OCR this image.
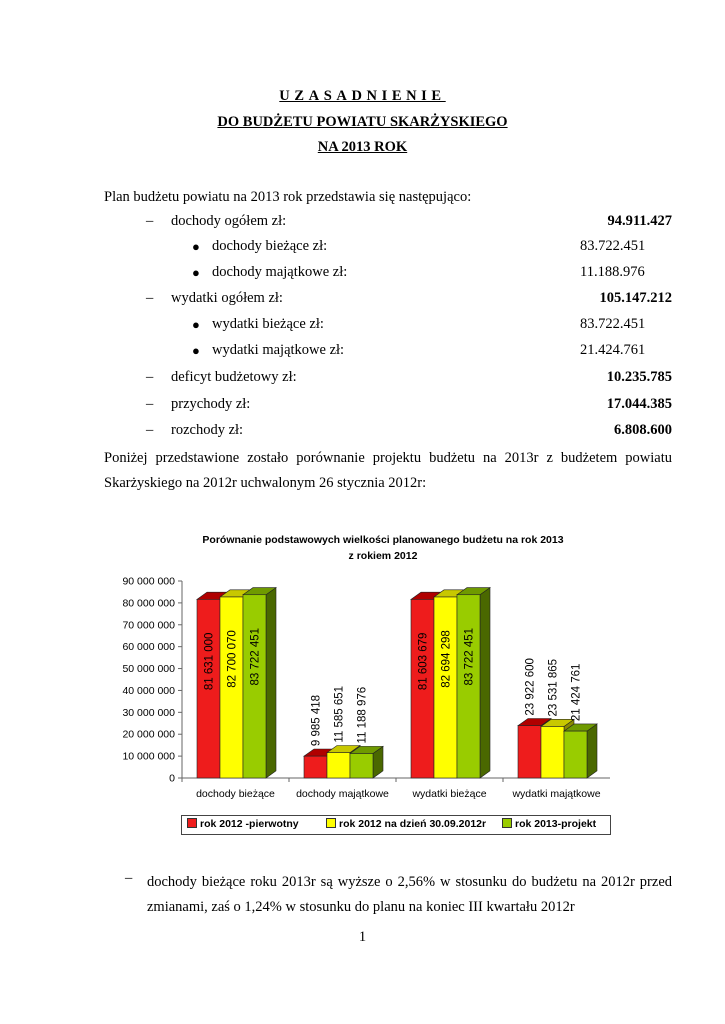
UZASADNIENIE
DO BUDŻETU POWIATU SKARŻYSKIEGO
NA 2013 ROK
Plan budżetu powiatu na 2013 rok przedstawia się następująco:
– dochody ogółem zł:	94.911.427
● dochody bieżące zł:	83.722.451
● dochody majątkowe zł:	11.188.976
– wydatki ogółem zł:	105.147.212
● wydatki bieżące zł:	83.722.451
● wydatki majątkowe zł:	21.424.761
– deficyt budżetowy zł:	10.235.785
– przychody zł:	17.044.385
– rozchody zł:	6.808.600
Poniżej przedstawione zostało porównanie projektu budżetu na 2013r z budżetem powiatu
Skarżyskiego na 2012r uchwalonym 26 stycznia 2012r:
Porównanie podstawowych wielkości planowanego budżetu na rok 2013
z rokiem 2012
0
10 000 000
20 000 000
30 000 000
40 000 000
50 000 000
60 000 000
70 000 000
80 000 000
90 000 000
dochody bieżące
81 631 000 82 700 070 83 722 451
dochody majątkowe
9 985 418 11 585 651 11 188 976
wydatki bieżące
81 603 679 82 694 298 83 722 451
wydatki majątkowe
23 922 600 23 531 865 21 424 761
rok 2012 -pierwotny	rok 2012 na dzień 30.09.2012r	rok 2013-projekt
– dochody bieżące roku 2013r są wyższe o 2,56% w stosunku do budżetu na 2012r przed
zmianami, zaś o 1,24% w stosunku do planu na koniec III kwartału 2012r
1
